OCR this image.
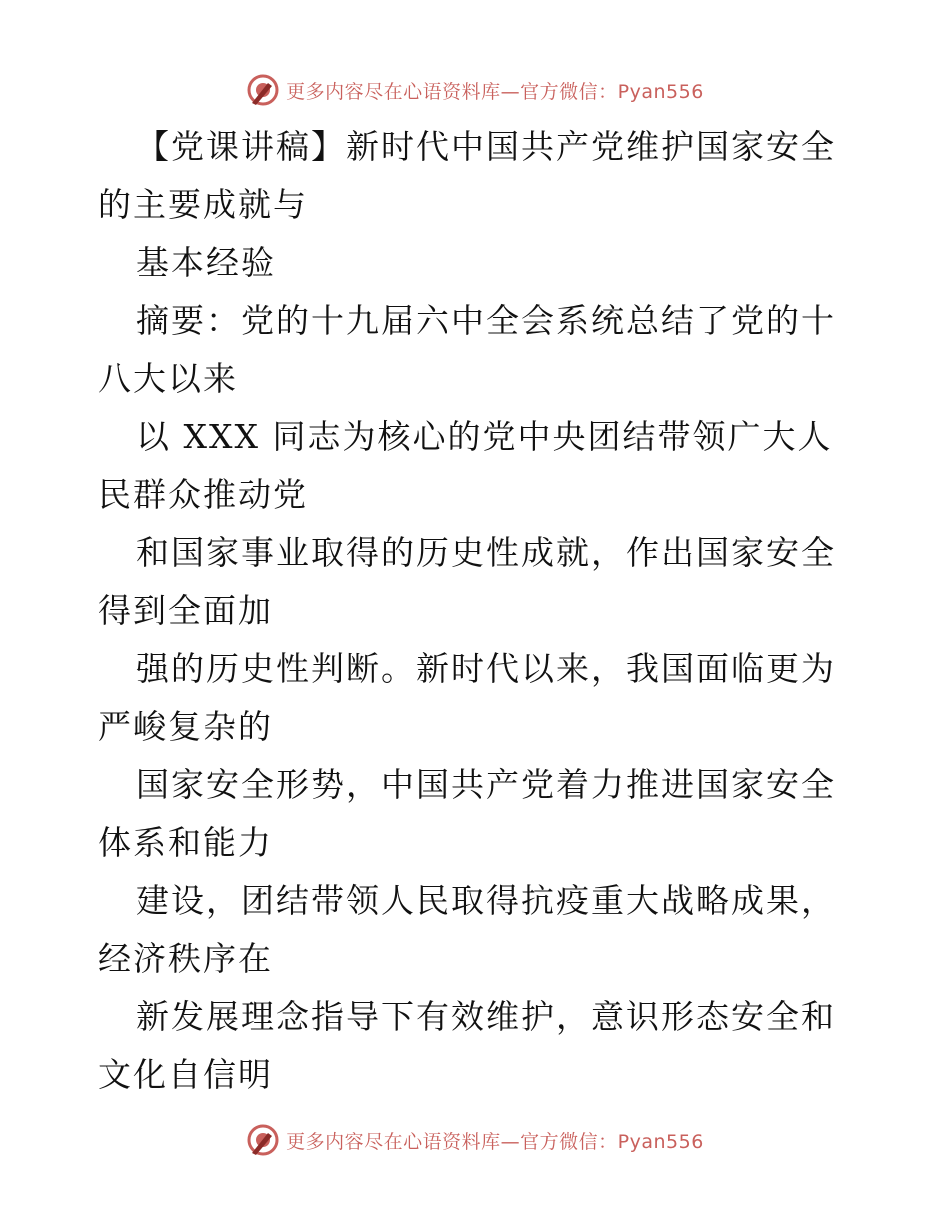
更多内容尽在心语资料库—官方微信：Pyan556

【党课讲稿】新时代中国共产党维护国家安全的主要成就与

基本经验

摘要：党的十九届六中全会系统总结了党的十八大以来

以 XXX 同志为核心的党中央团结带领广大人民群众推动党

和国家事业取得的历史性成就，作出国家安全得到全面加

强的历史性判断。新时代以来，我国面临更为严峻复杂的

国家安全形势，中国共产党着力推进国家安全体系和能力

建设，团结带领人民取得抗疫重大战略成果，经济秩序在

新发展理念指导下有效维护，意识形态安全和文化自信明

更多内容尽在心语资料库—官方微信：Pyan556
